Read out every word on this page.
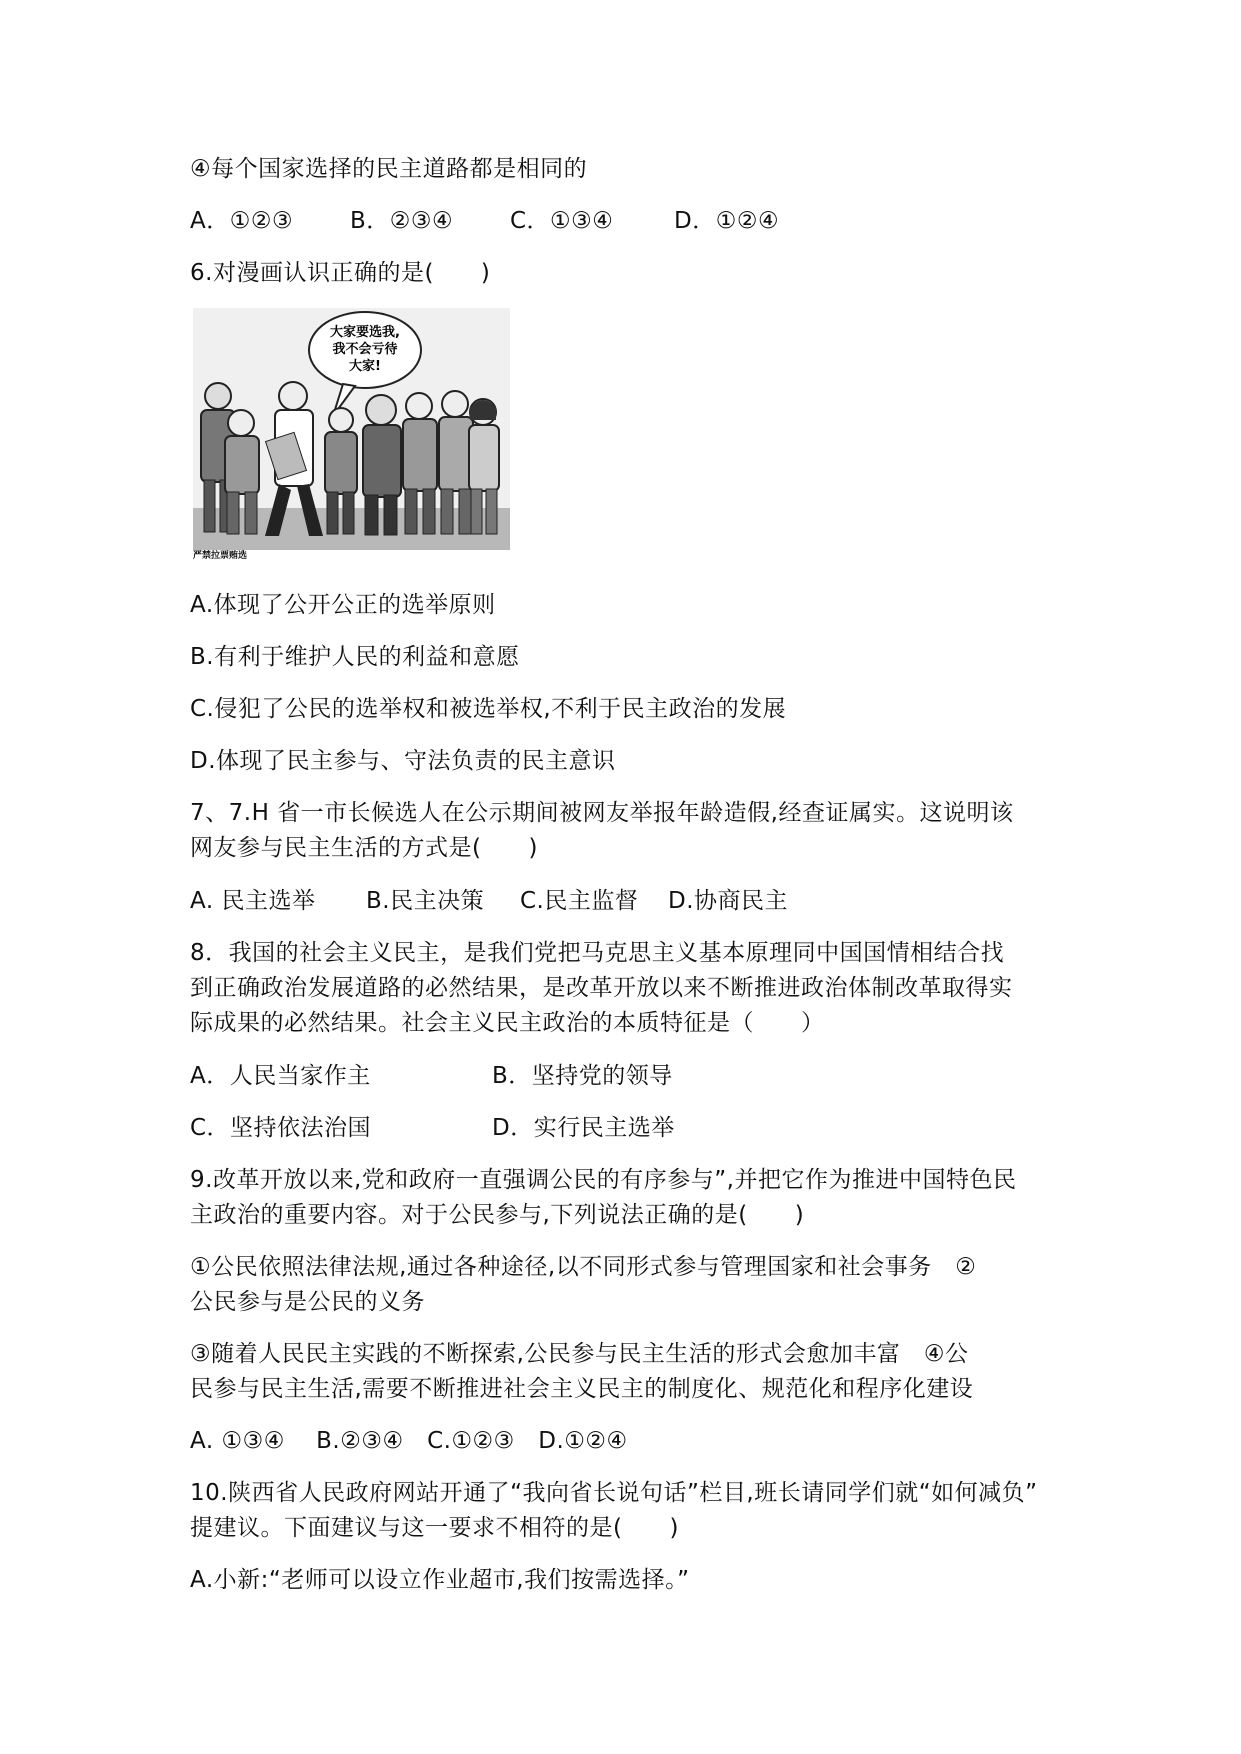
④每个国家选择的民主道路都是相同的
A．①②③ B．②③④ C．①③④	D．①②④
6.对漫画认识正确的是(　　)
大家要选我,
我不会亏待
大家!
严禁拉票贿选
A.体现了公开公正的选举原则
B.有利于维护人民的利益和意愿
C.侵犯了公民的选举权和被选举权,不利于民主政治的发展
D.体现了民主参与、守法负责的民主意识
7、7.H 省一市长候选人在公示期间被网友举报年龄造假,经查证属实。这说明该
网友参与民主生活的方式是(　　)
A. 民主选举 B.民主决策 C.民主监督 D.协商民主
8．我国的社会主义民主，是我们党把马克思主义基本原理同中国国情相结合找
到正确政治发展道路的必然结果，是改革开放以来不断推进政治体制改革取得实
际成果的必然结果。社会主义民主政治的本质特征是（　　）
A．人民当家作主	B．坚持党的领导
C．坚持依法治国	D．实行民主选举
9.改革开放以来,党和政府一直强调公民的有序参与”,并把它作为推进中国特色民
主政治的重要内容。对于公民参与,下列说法正确的是(　　)
①公民依照法律法规,通过各种途径,以不同形式参与管理国家和社会事务　②
公民参与是公民的义务
③随着人民民主实践的不断探索,公民参与民主生活的形式会愈加丰富　④公
民参与民主生活,需要不断推进社会主义民主的制度化、规范化和程序化建设
A. ①③④　 B.②③④　C.①②③　D.①②④
10.陕西省人民政府网站开通了“我向省长说句话”栏目,班长请同学们就“如何减负”
提建议。下面建议与这一要求不相符的是(　　)
A.小新:“老师可以设立作业超市,我们按需选择。”
